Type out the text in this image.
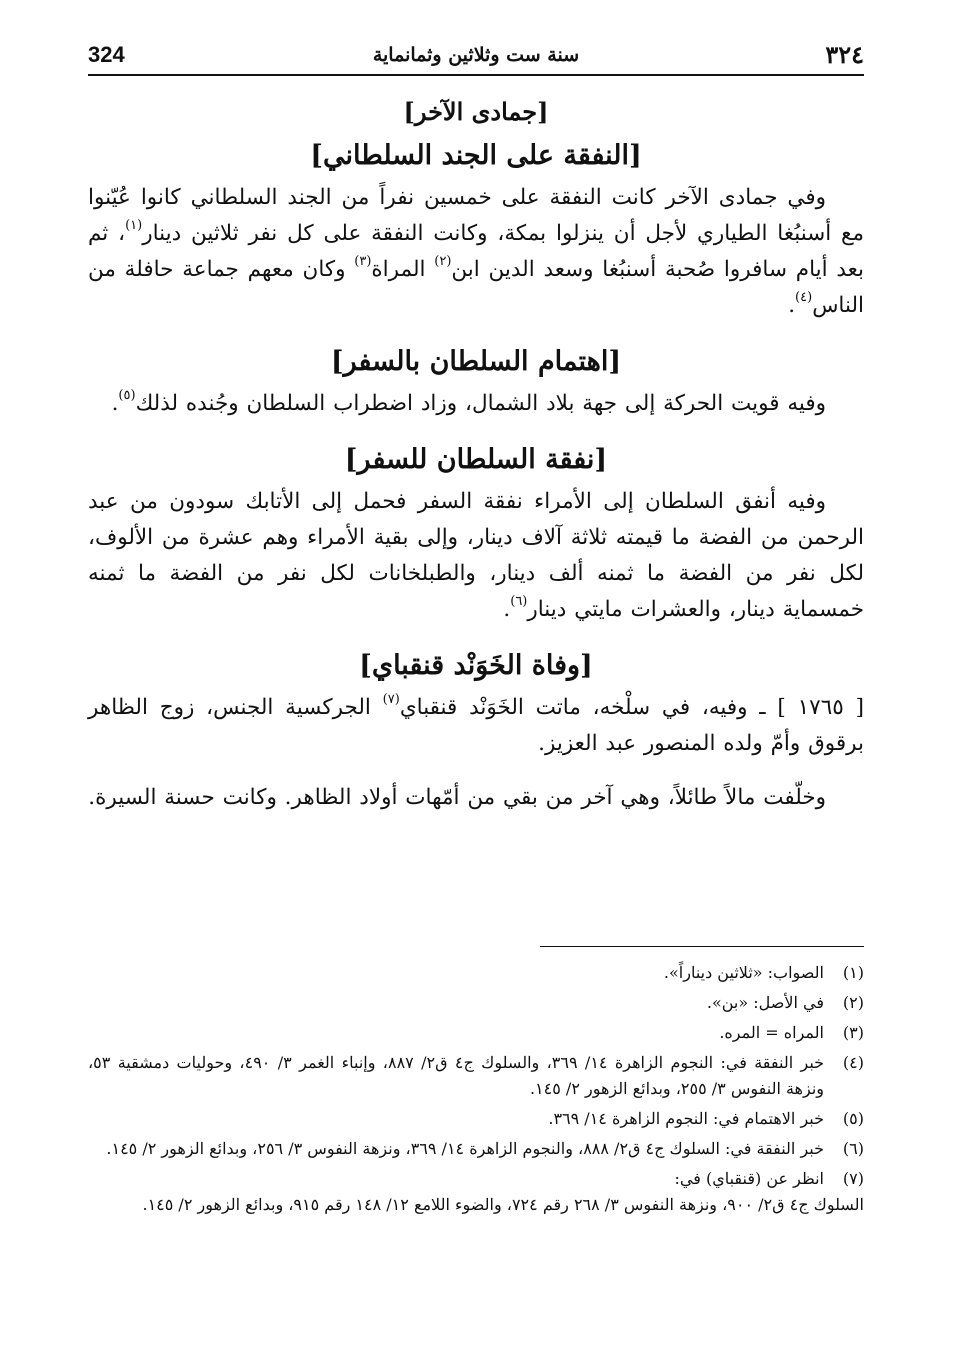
324	سنة ست وثلاثين وثمانماية	٣٢٤
[جمادى الآخر]
[النفقة على الجند السلطاني]

وفي جمادى الآخر كانت النفقة على خمسين نفراً من الجند السلطاني كانوا عُيّنوا مع أسنبُغا الطياري لأجل أن ينزلوا بمكة، وكانت النفقة على كل نفر ثلاثين دينار$^{(١)}$، ثم بعد أيام سافروا صُحبة أسنبُغا وسعد الدين ابن$^{(٢)}$ المراة$^{(٣)}$ وكان معهم جماعة حافلة من الناس$^{(٤)}$.

[اهتمام السلطان بالسفر]

وفيه قويت الحركة إلى جهة بلاد الشمال، وزاد اضطراب السلطان وجُنده لذلك$^{(٥)}$.

[نفقة السلطان للسفر]

وفيه أنفق السلطان إلى الأمراء نفقة السفر فحمل إلى الأتابك سودون من عبد الرحمن من الفضة ما قيمته ثلاثة آلاف دينار، وإلى بقية الأمراء وهم عشرة من الألوف، لكل نفر من الفضة ما ثمنه ألف دينار، والطبلخانات لكل نفر من الفضة ما ثمنه خمسماية دينار، والعشرات مايتي دينار$^{(٦)}$.

[وفاة الخَوَنْد قنقباي]

[ ١٧٦٥ ] ـ وفيه، في سلْخه، ماتت الخَوَنْد قنقباي$^{(٧)}$ الجركسية الجنس، زوج الظاهر برقوق وأمّ ولده المنصور عبد العزيز.

وخلّفت مالاً طائلاً، وهي آخر من بقي من أمّهات أولاد الظاهر. وكانت حسنة السيرة.

(١)
الصواب: «ثلاثين ديناراً».
(٢)
في الأصل: «بن».
(٣)
المراه = المره.
(٤)
خبر النفقة في: النجوم الزاهرة ١٤/ ٣٦٩، والسلوك ج٤ ق٢/ ٨٨٧، وإنباء الغمر ٣/ ٤٩٠، وحوليات دمشقية ٥٣، ونزهة النفوس ٣/ ٢٥٥، وبدائع الزهور ٢/ ١٤٥.
(٥)
خبر الاهتمام في: النجوم الزاهرة ١٤/ ٣٦٩.
(٦)
خبر النفقة في: السلوك ج٤ ق٢/ ٨٨٨، والنجوم الزاهرة ١٤/ ٣٦٩، ونزهة النفوس ٣/ ٢٥٦، وبدائع الزهور ٢/ ١٤٥.
(٧)
انظر عن (قنقباي) في:
السلوك ج٤ ق٢/ ٩٠٠، ونزهة النفوس ٣/ ٢٦٨ رقم ٧٢٤، والضوء اللامع ١٢/ ١٤٨ رقم ٩١٥، وبدائع الزهور ٢/ ١٤٥.
